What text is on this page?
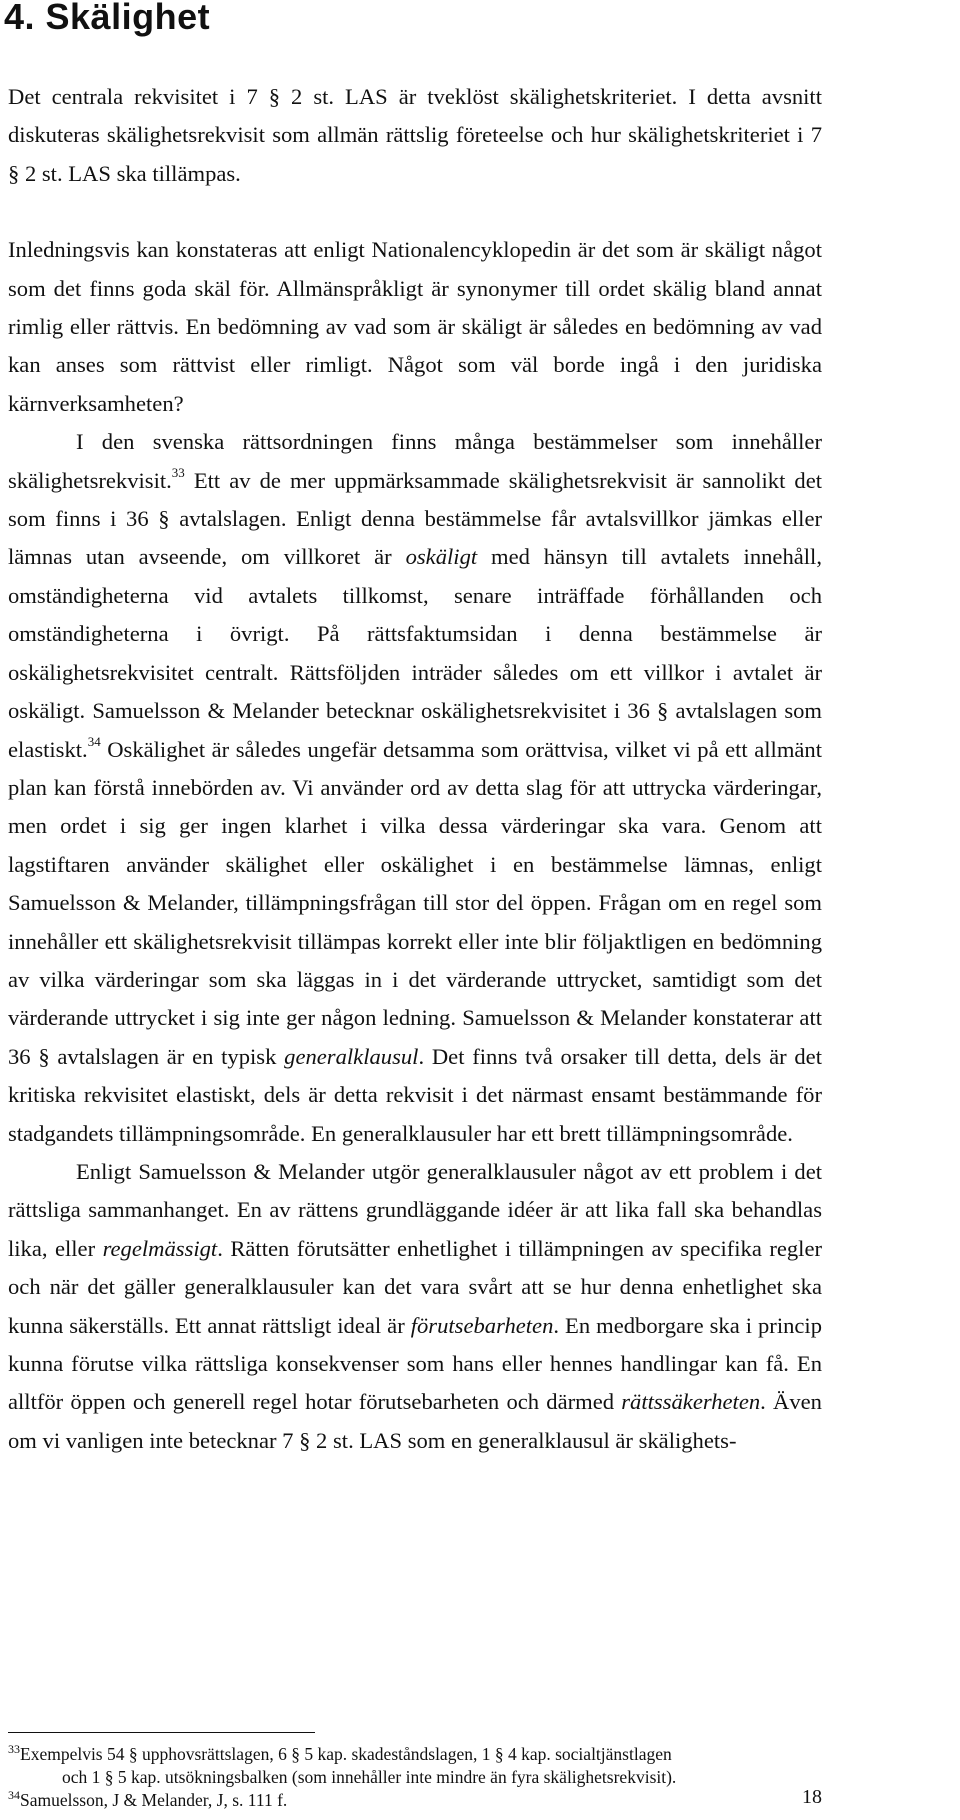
4. Skälighet

Det centrala rekvisitet i 7 § 2 st. LAS är tveklöst skälighetskriteriet. I detta avsnitt diskuteras skälighetsrekvisit som allmän rättslig företeelse och hur skälighetskriteriet i 7 § 2 st. LAS ska tillämpas.

Inledningsvis kan konstateras att enligt Nationalencyklopedin är det som är skäligt något som det finns goda skäl för. Allmänspråkligt är synonymer till ordet skälig bland annat rimlig eller rättvis. En bedömning av vad som är skäligt är således en bedömning av vad kan anses som rättvist eller rimligt. Något som väl borde ingå i den juridiska kärnverksamheten?

I den svenska rättsordningen finns många bestämmelser som innehåller skälighetsrekvisit.$^{33}$ Ett av de mer uppmärksammade skälighetsrekvisit är sannolikt det som finns i 36 § avtalslagen. Enligt denna bestämmelse får avtalsvillkor jämkas eller lämnas utan avseende, om villkoret är oskäligt med hänsyn till avtalets innehåll, omständigheterna vid avtalets tillkomst, senare inträffade förhållanden och omständigheterna i övrigt. På rättsfaktumsidan i denna bestämmelse är oskälighetsrekvisitet centralt. Rättsföljden inträder således om ett villkor i avtalet är oskäligt. Samuelsson & Melander betecknar oskälighetsrekvisitet i 36 § avtalslagen som elastiskt.$^{34}$ Oskälighet är således ungefär detsamma som orättvisa, vilket vi på ett allmänt plan kan förstå innebörden av. Vi använder ord av detta slag för att uttrycka värderingar, men ordet i sig ger ingen klarhet i vilka dessa värderingar ska vara. Genom att lagstiftaren använder skälighet eller oskälighet i en bestämmelse lämnas, enligt Samuelsson & Melander, tillämpningsfrågan till stor del öppen. Frågan om en regel som innehåller ett skälighetsrekvisit tillämpas korrekt eller inte blir följaktligen en bedömning av vilka värderingar som ska läggas in i det värderande uttrycket, samtidigt som det värderande uttrycket i sig inte ger någon ledning. Samuelsson & Melander konstaterar att 36 § avtalslagen är en typisk generalklausul. Det finns två orsaker till detta, dels är det kritiska rekvisitet elastiskt, dels är detta rekvisit i det närmast ensamt bestämmande för stadgandets tillämpningsområde. En generalklausuler har ett brett tillämpningsområde.

Enligt Samuelsson & Melander utgör generalklausuler något av ett problem i det rättsliga sammanhanget. En av rättens grundläggande idéer är att lika fall ska behandlas lika, eller regelmässigt. Rätten förutsätter enhetlighet i tillämpningen av specifika regler och när det gäller generalklausuler kan det vara svårt att se hur denna enhetlighet ska kunna säkerställs. Ett annat rättsligt ideal är förutsebarheten. En medborgare ska i princip kunna förutse vilka rättsliga konsekvenser som hans eller hennes handlingar kan få. En alltför öppen och generell regel hotar förutsebarheten och därmed rättssäkerheten. Även om vi vanligen inte betecknar 7 § 2 st. LAS som en generalklausul är skälighets-

$^{33}$Exempelvis 54 § upphovsrättslagen, 6 § 5 kap. skadeståndslagen, 1 § 4 kap. socialtjänstlagen

och 1 § 5 kap. utsökningsbalken (som innehåller inte mindre än fyra skälighetsrekvisit).

$^{34}$Samuelsson, J & Melander, J, s. 111 f.	18
